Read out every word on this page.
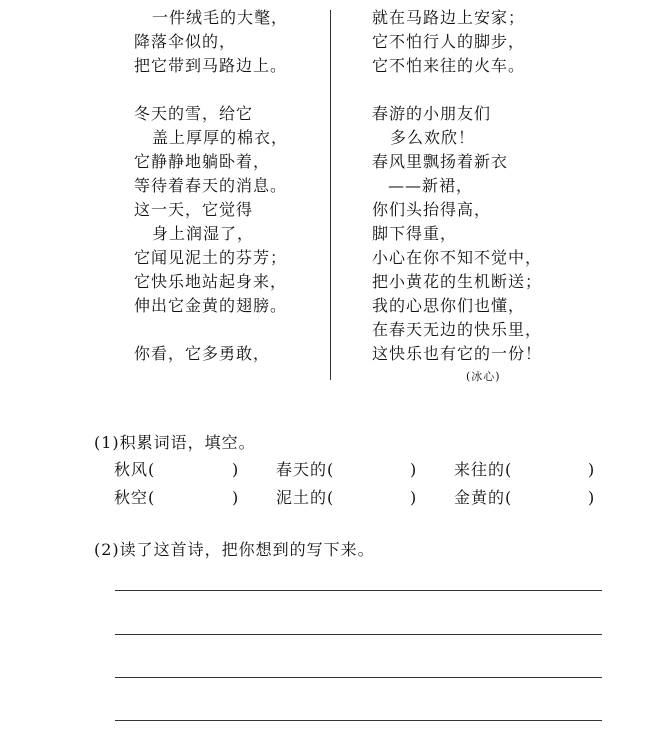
一件绒毛的大氅，
降落伞似的，
把它带到马路边上。
冬天的雪，给它
盖上厚厚的棉衣，
它静静地躺卧着，
等待着春天的消息。
这一天，它觉得
身上润湿了，
它闻见泥土的芬芳；
它快乐地站起身来，
伸出它金黄的翅膀。
你看，它多勇敢，
就在马路边上安家；
它不怕行人的脚步，
它不怕来往的火车。
春游的小朋友们
多么欢欣！
春风里飘扬着新衣
——新裙，
你们头抬得高，
脚下得重，
小心在你不知不觉中，
把小黄花的生机断送；
我的心思你们也懂，
在春天无边的快乐里，
这快乐也有它的一份！
(冰心)
(1)积累词语，填空。
秋风(	) 春天的(	) 来往的(	)
秋空(	) 泥土的(	) 金黄的(	)
(2)读了这首诗，把你想到的写下来。
